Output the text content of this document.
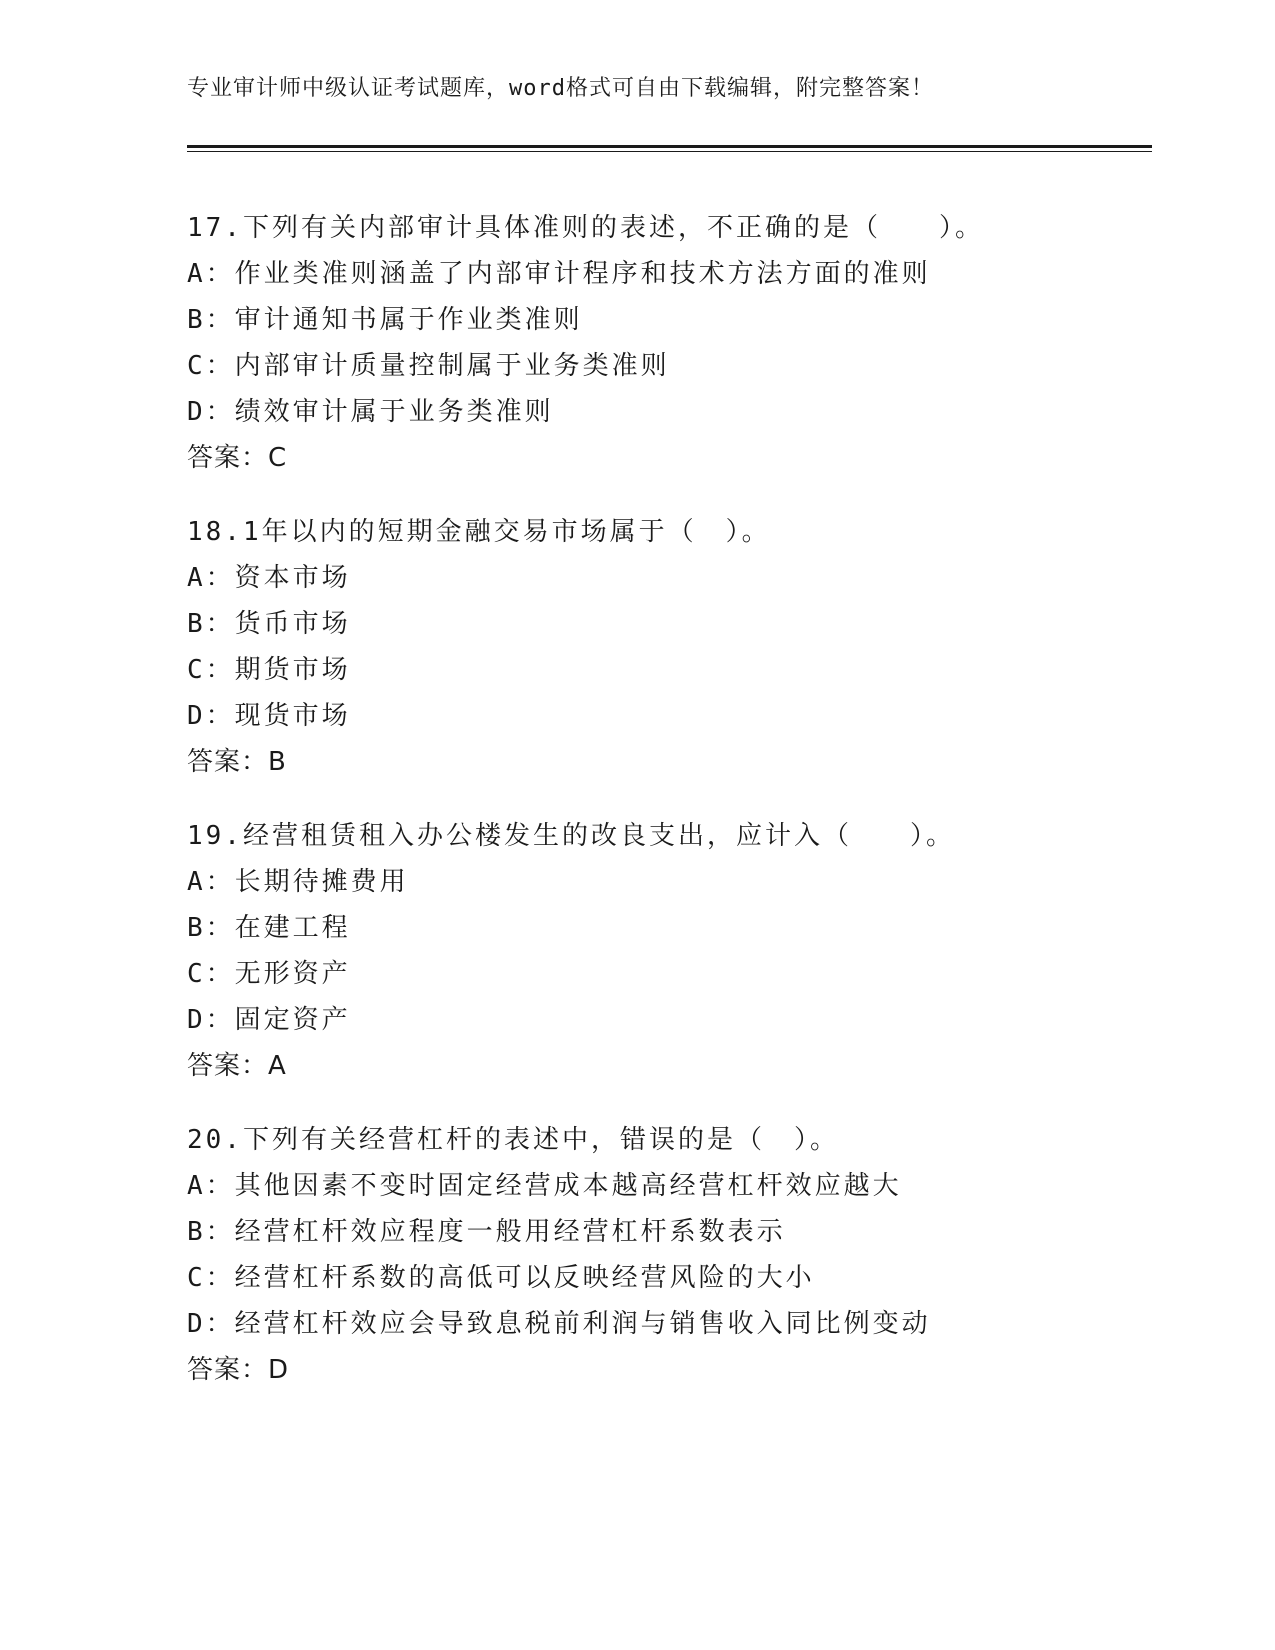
专业审计师中级认证考试题库，word格式可自由下载编辑，附完整答案！
17.下列有关内部审计具体准则的表述，不正确的是（　　）。
A：作业类准则涵盖了内部审计程序和技术方法方面的准则
B：审计通知书属于作业类准则
C：内部审计质量控制属于业务类准则
D：绩效审计属于业务类准则
答案：C
18.1年以内的短期金融交易市场属于（　）。
A：资本市场
B：货币市场
C：期货市场
D：现货市场
答案：B
19.经营租赁租入办公楼发生的改良支出，应计入（　　）。
A：长期待摊费用
B：在建工程
C：无形资产
D：固定资产
答案：A
20.下列有关经营杠杆的表述中，错误的是（　）。
A：其他因素不变时固定经营成本越高经营杠杆效应越大
B：经营杠杆效应程度一般用经营杠杆系数表示
C：经营杠杆系数的高低可以反映经营风险的大小
D：经营杠杆效应会导致息税前利润与销售收入同比例变动
答案：D
